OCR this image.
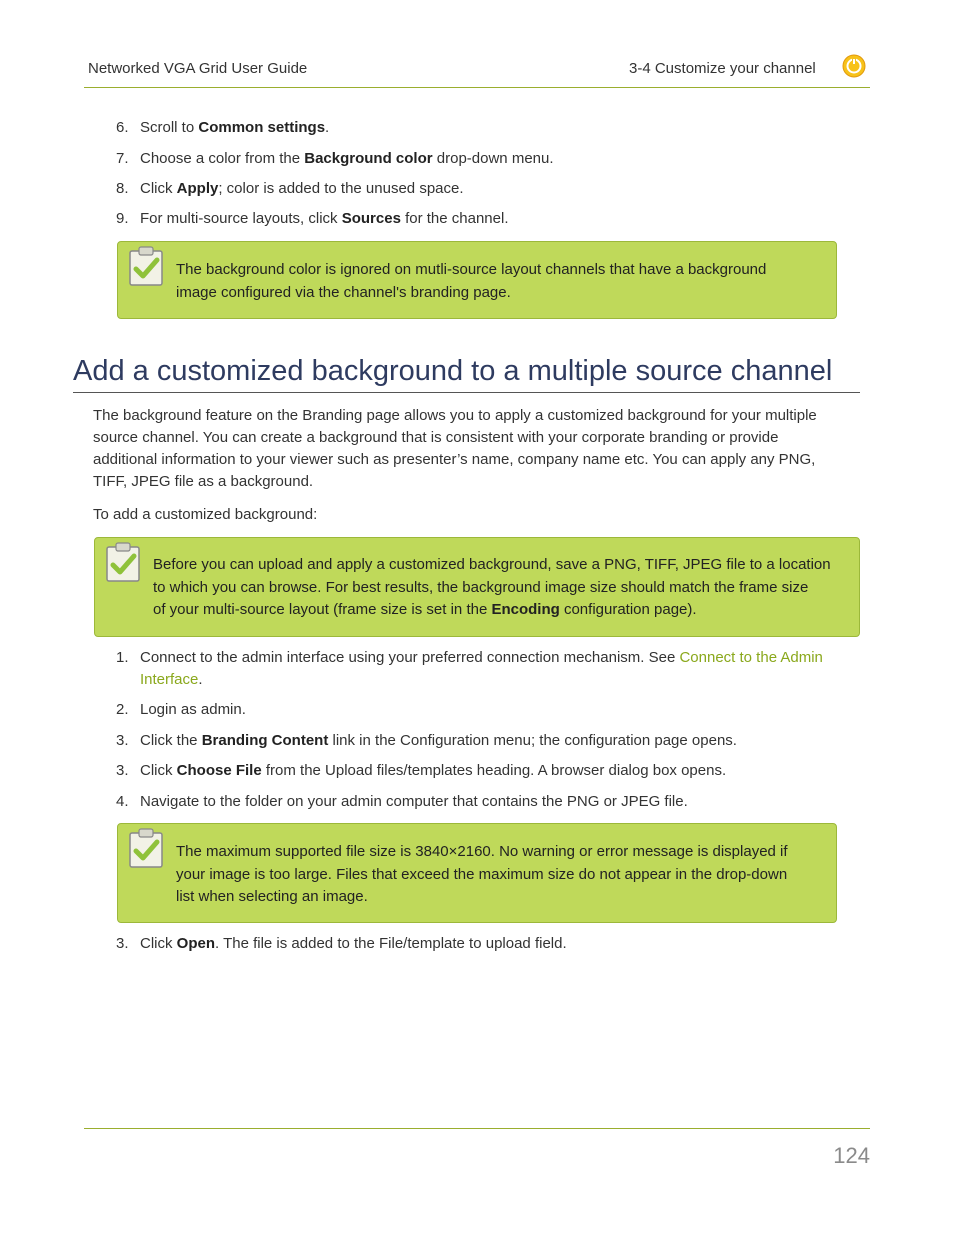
Networked VGA Grid User Guide	3-4 Customize your channel
6. Scroll to Common settings.
7. Choose a color from the Background color drop-down menu.
8. Click Apply; color is added to the unused space.
9. For multi-source layouts, click Sources for the channel.
The background color is ignored on mutli-source layout channels that have a background
image configured via the channel's branding page.
Add a customized background to a multiple source channel
The background feature on the Branding page allows you to apply a customized background for your multiple
source channel. You can create a background that is consistent with your corporate branding or provide
additional information to your viewer such as presenter’s name, company name etc. You can apply any PNG,
TIFF, JPEG file as a background.
To add a customized background:
Before you can upload and apply a customized background, save a PNG, TIFF, JPEG file to a location
to which you can browse. For best results, the background image size should match the frame size
of your multi-source layout (frame size is set in the Encoding configuration page).
1. Connect to the admin interface using your preferred connection mechanism. See Connect to the Admin
Interface.
2. Login as admin.
3. Click the Branding Content link in the Configuration menu; the configuration page opens.
3. Click Choose File from the Upload files/templates heading. A browser dialog box opens.
4. Navigate to the folder on your admin computer that contains the PNG or JPEG file.
The maximum supported file size is 3840×2160. No warning or error message is displayed if
your image is too large. Files that exceed the maximum size do not appear in the drop-down
list when selecting an image.
3. Click Open. The file is added to the File/template to upload field.
124
